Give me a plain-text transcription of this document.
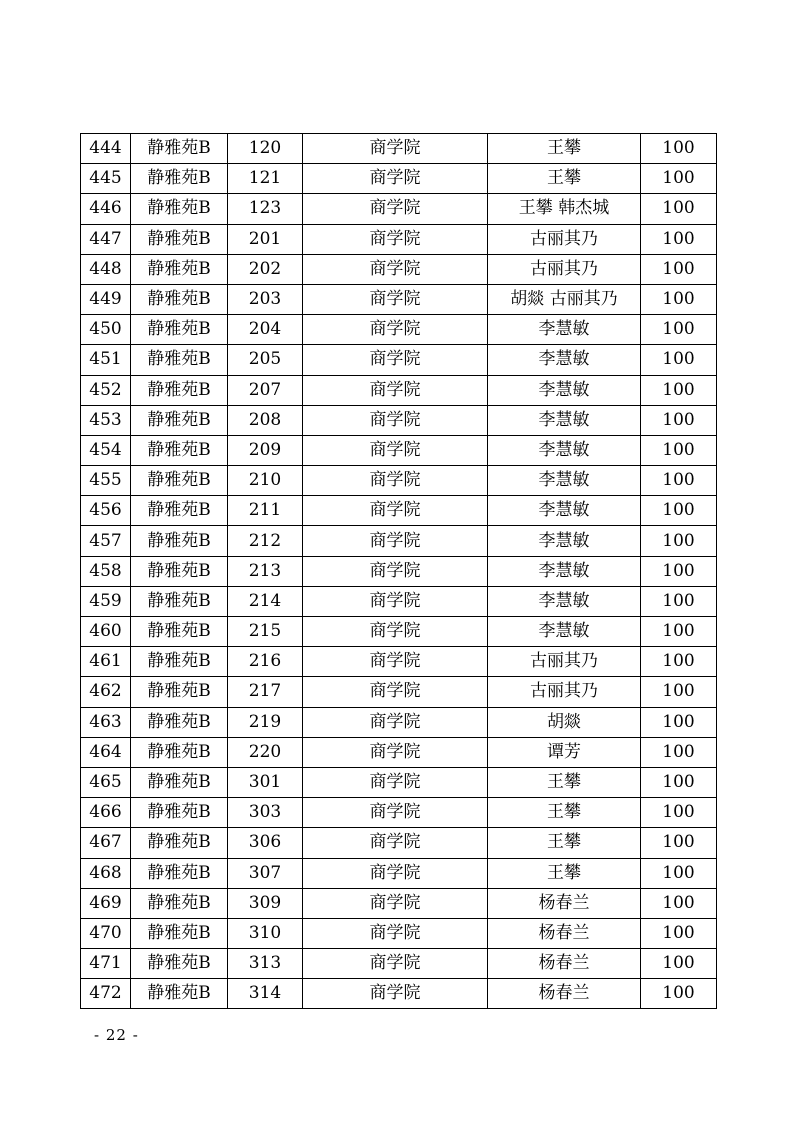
444	静雅苑B	120	商学院	王攀	100
445	静雅苑B	121	商学院	王攀	100
446	静雅苑B	123	商学院	王攀 韩杰城	100
447	静雅苑B	201	商学院	古丽其乃	100
448	静雅苑B	202	商学院	古丽其乃	100
449	静雅苑B	203	商学院	胡燚 古丽其乃	100
450	静雅苑B	204	商学院	李慧敏	100
451	静雅苑B	205	商学院	李慧敏	100
452	静雅苑B	207	商学院	李慧敏	100
453	静雅苑B	208	商学院	李慧敏	100
454	静雅苑B	209	商学院	李慧敏	100
455	静雅苑B	210	商学院	李慧敏	100
456	静雅苑B	211	商学院	李慧敏	100
457	静雅苑B	212	商学院	李慧敏	100
458	静雅苑B	213	商学院	李慧敏	100
459	静雅苑B	214	商学院	李慧敏	100
460	静雅苑B	215	商学院	李慧敏	100
461	静雅苑B	216	商学院	古丽其乃	100
462	静雅苑B	217	商学院	古丽其乃	100
463	静雅苑B	219	商学院	胡燚	100
464	静雅苑B	220	商学院	谭芳	100
465	静雅苑B	301	商学院	王攀	100
466	静雅苑B	303	商学院	王攀	100
467	静雅苑B	306	商学院	王攀	100
468	静雅苑B	307	商学院	王攀	100
469	静雅苑B	309	商学院	杨春兰	100
470	静雅苑B	310	商学院	杨春兰	100
471	静雅苑B	313	商学院	杨春兰	100
472	静雅苑B	314	商学院	杨春兰	100
- 22 -
